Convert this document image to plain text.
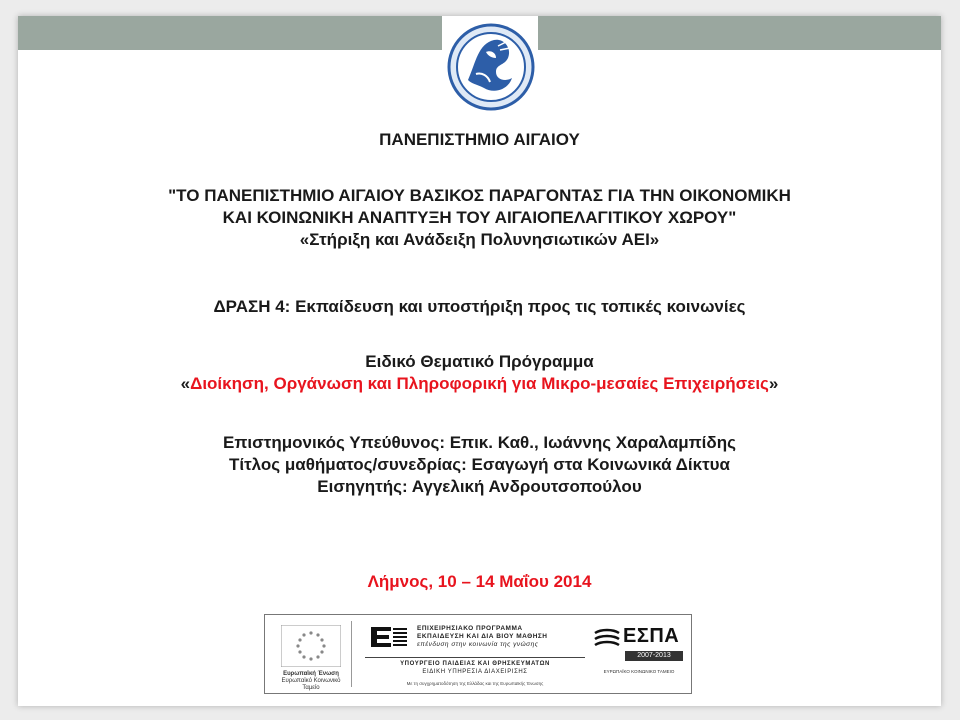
ΠΑΝΕΠΙΣΤΗΜΙΟ ΑΙΓΑΙΟΥ
"ΤΟ ΠΑΝΕΠΙΣΤΗΜΙΟ ΑΙΓΑΙΟΥ ΒΑΣΙΚΟΣ ΠΑΡΑΓΟΝΤΑΣ ΓΙΑ ΤΗΝ ΟΙΚΟΝΟΜΙΚΗ
ΚΑΙ ΚΟΙΝΩΝΙΚΗ ΑΝΑΠΤΥΞΗ ΤΟΥ ΑΙΓΑΙΟΠΕΛΑΓΙΤΙΚΟΥ ΧΩΡΟΥ"
«Στήριξη και Ανάδειξη Πολυνησιωτικών ΑΕΙ»
ΔΡΑΣΗ 4: Εκπαίδευση και υποστήριξη προς τις τοπικές κοινωνίες
Ειδικό Θεματικό Πρόγραμμα
«Διοίκηση, Οργάνωση και Πληροφορική για Μικρο-μεσαίες Επιχειρήσεις»
Επιστημονικός Υπεύθυνος: Επικ. Καθ., Ιωάννης Χαραλαμπίδης
Τίτλος μαθήματος/συνεδρίας: Εσαγωγή στα Κοινωνικά Δίκτυα
Εισηγητής: Αγγελική Ανδρουτσοπούλου
Λήμνος, 10 – 14 Μαΐου 2014
Ευρωπαϊκή Ένωση
Ευρωπαϊκό Κοινωνικό Ταμείο
ΕΠΙΧΕΙΡΗΣΙΑΚΟ ΠΡΟΓΡΑΜΜΑ
ΕΚΠΑΙΔΕΥΣΗ ΚΑΙ ΔΙΑ ΒΙΟΥ ΜΑΘΗΣΗ
επένδυση στην κοινωνία της γνώσης
ΥΠΟΥΡΓΕΙΟ ΠΑΙΔΕΙΑΣ ΚΑΙ ΘΡΗΣΚΕΥΜΑΤΩΝ
ΕΙΔΙΚΗ ΥΠΗΡΕΣΙΑ ΔΙΑΧΕΙΡΙΣΗΣ
Με τη συγχρηματοδότηση της Ελλάδας και της Ευρωπαϊκής Ένωσης
ΕΣΠΑ
2007-2013
ΕΥΡΩΠΑΪΚΟ ΚΟΙΝΩΝΙΚΟ ΤΑΜΕΙΟ
